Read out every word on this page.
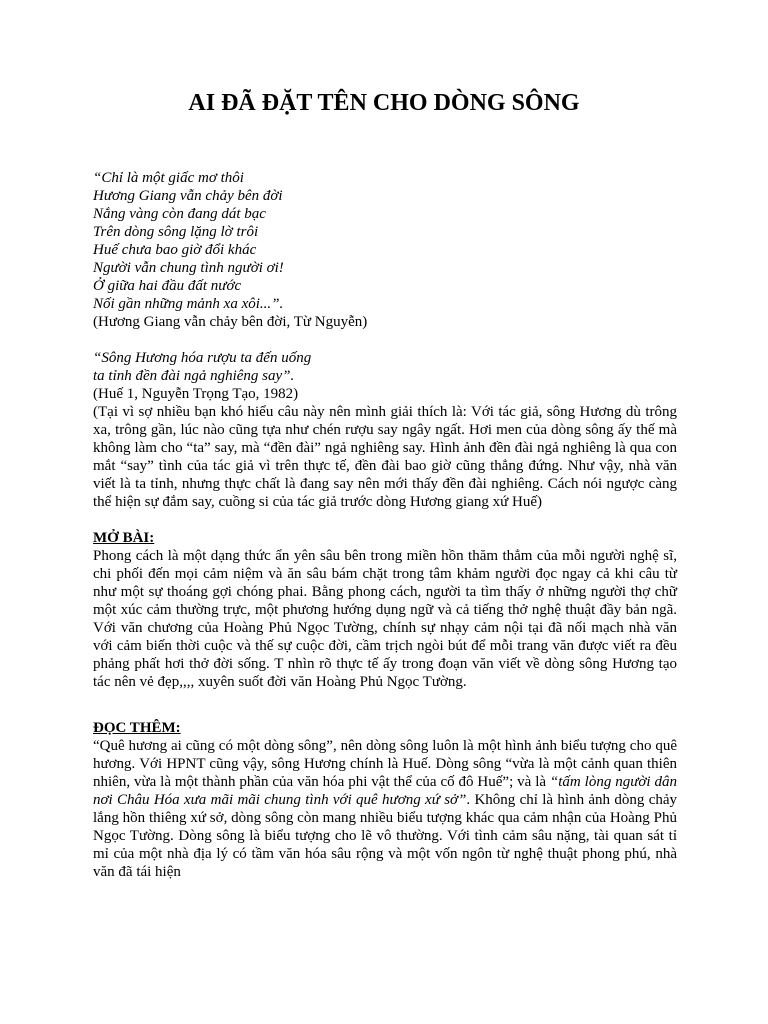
AI ĐÃ ĐẶT TÊN CHO DÒNG SÔNG
“Chỉ là một giấc mơ thôi
Hương Giang vẫn chảy bên đời
Nắng vàng còn đang dát bạc
Trên dòng sông lặng lờ trôi
Huế chưa bao giờ đổi khác
Người vẫn chung tình người ơi!
Ở giữa hai đầu đất nước
Nối gần những mảnh xa xôi...”.
(Hương Giang vẫn chảy bên đời, Từ Nguyễn)
“Sông Hương hóa rượu ta đến uống
ta tỉnh đền đài ngả nghiêng say”.
(Huế 1, Nguyễn Trọng Tạo, 1982)

(Tại vì sợ nhiều bạn khó hiểu câu này nên mình giải thích là: Với tác giả, sông Hương dù trông xa, trông gần, lúc nào cũng tựa như chén rượu say ngây ngất. Hơi men của dòng sông ấy thế mà không làm cho “ta” say, mà “đền đài” ngả nghiêng say. Hình ảnh đền đài ngả nghiêng là qua con mắt “say” tình của tác giả vì trên thực tế, đền đài bao giờ cũng thẳng đứng. Như vậy, nhà văn viết là ta tỉnh, nhưng thực chất là đang say nên mới thấy đền đài nghiêng. Cách nói ngược càng thể hiện sự đắm say, cuồng si của tác giả trước dòng Hương giang xứ Huế)

MỞ BÀI:

Phong cách là một dạng thức ẩn yên sâu bên trong miền hồn thăm thẳm của mỗi người nghệ sĩ, chi phối đến mọi cảm niệm và ăn sâu bám chặt trong tâm khảm người đọc ngay cả khi câu từ như một sự thoáng gợi chóng phai. Bằng phong cách, người ta tìm thấy ở những người thợ chữ một xúc cảm thường trực, một phương hướng dụng ngữ và cả tiếng thở nghệ thuật đầy bản ngã. Với văn chương của Hoàng Phủ Ngọc Tường, chính sự nhạy cảm nội tại đã nối mạch nhà văn với cảm biến thời cuộc và thế sự cuộc đời, cầm trịch ngòi bút để mỗi trang văn được viết ra đều phảng phất hơi thở đời sống. T nhìn rõ thực tế ấy trong đoạn văn viết về dòng sông Hương tạo tác nên vẻ đẹp,,,, xuyên suốt đời văn Hoàng Phủ Ngọc Tường.

ĐỌC THÊM:

“Quê hương ai cũng có một dòng sông”, nên dòng sông luôn là một hình ảnh biểu tượng cho quê hương. Với HPNT cũng vậy, sông Hương chính là Huế. Dòng sông “vừa là một cảnh quan thiên nhiên, vừa là một thành phần của văn hóa phi vật thể của cố đô Huế”; và là “tấm lòng người dân nơi Châu Hóa xưa mãi mãi chung tình với quê hương xứ sở”. Không chỉ là hình ảnh dòng chảy lắng hồn thiêng xứ sở, dòng sông còn mang nhiều biểu tượng khác qua cảm nhận của Hoàng Phủ Ngọc Tường. Dòng sông là biểu tượng cho lẽ vô thường. Với tình cảm sâu nặng, tài quan sát tỉ mỉ của một nhà địa lý có tầm văn hóa sâu rộng và một vốn ngôn từ nghệ thuật phong phú, nhà văn đã tái hiện
